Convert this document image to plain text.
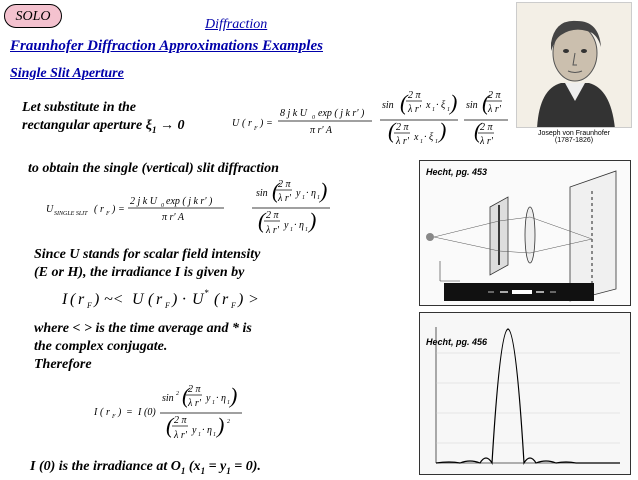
SOLO
Diffraction
Fraunhofer Diffraction Approximations Examples
Single Slit Aperture
Let substitute in the
rectangular aperture $\xi_1 \to 0$	U ( r F ) =
8 j k U 0 exp ( j k r' )
π r' A
sin ( 2 π
λ r' x 1 · ξ 1 )
( 2 π
λ r' x 1 · ξ 1 )
sin (
2 π
λ r'
(
2 π
λ r'
to obtain the single (vertical) slit diffraction
U SINGLE SLIT ( r F ) =
2 j k U 0 exp ( j k r' )
π r' A
sin (
2 π
λ r' y 1 · η 1 )
( 2 π
λ r' y 1 · η 1 )
Since U stands for scalar field intensity
(E or H), the irradiance I is given by
I ( r F ) ~< U ( r F ) · U * ( r F ) >
where < > is the time average and * is
the complex conjugate.
Therefore
I ( r F ) = I (0)
sin 2 (
2 π
λ r' y 1 · η 1 )
( 2 π
λ r' y 1 · η 1 ) 2
I (0) is the irradiance at $O_1$ $(x_1 = y_1 = 0)$.
Joseph von Fraunhofer
(1787-1826)
Hecht, pg. 453
Hecht, pg. 456
